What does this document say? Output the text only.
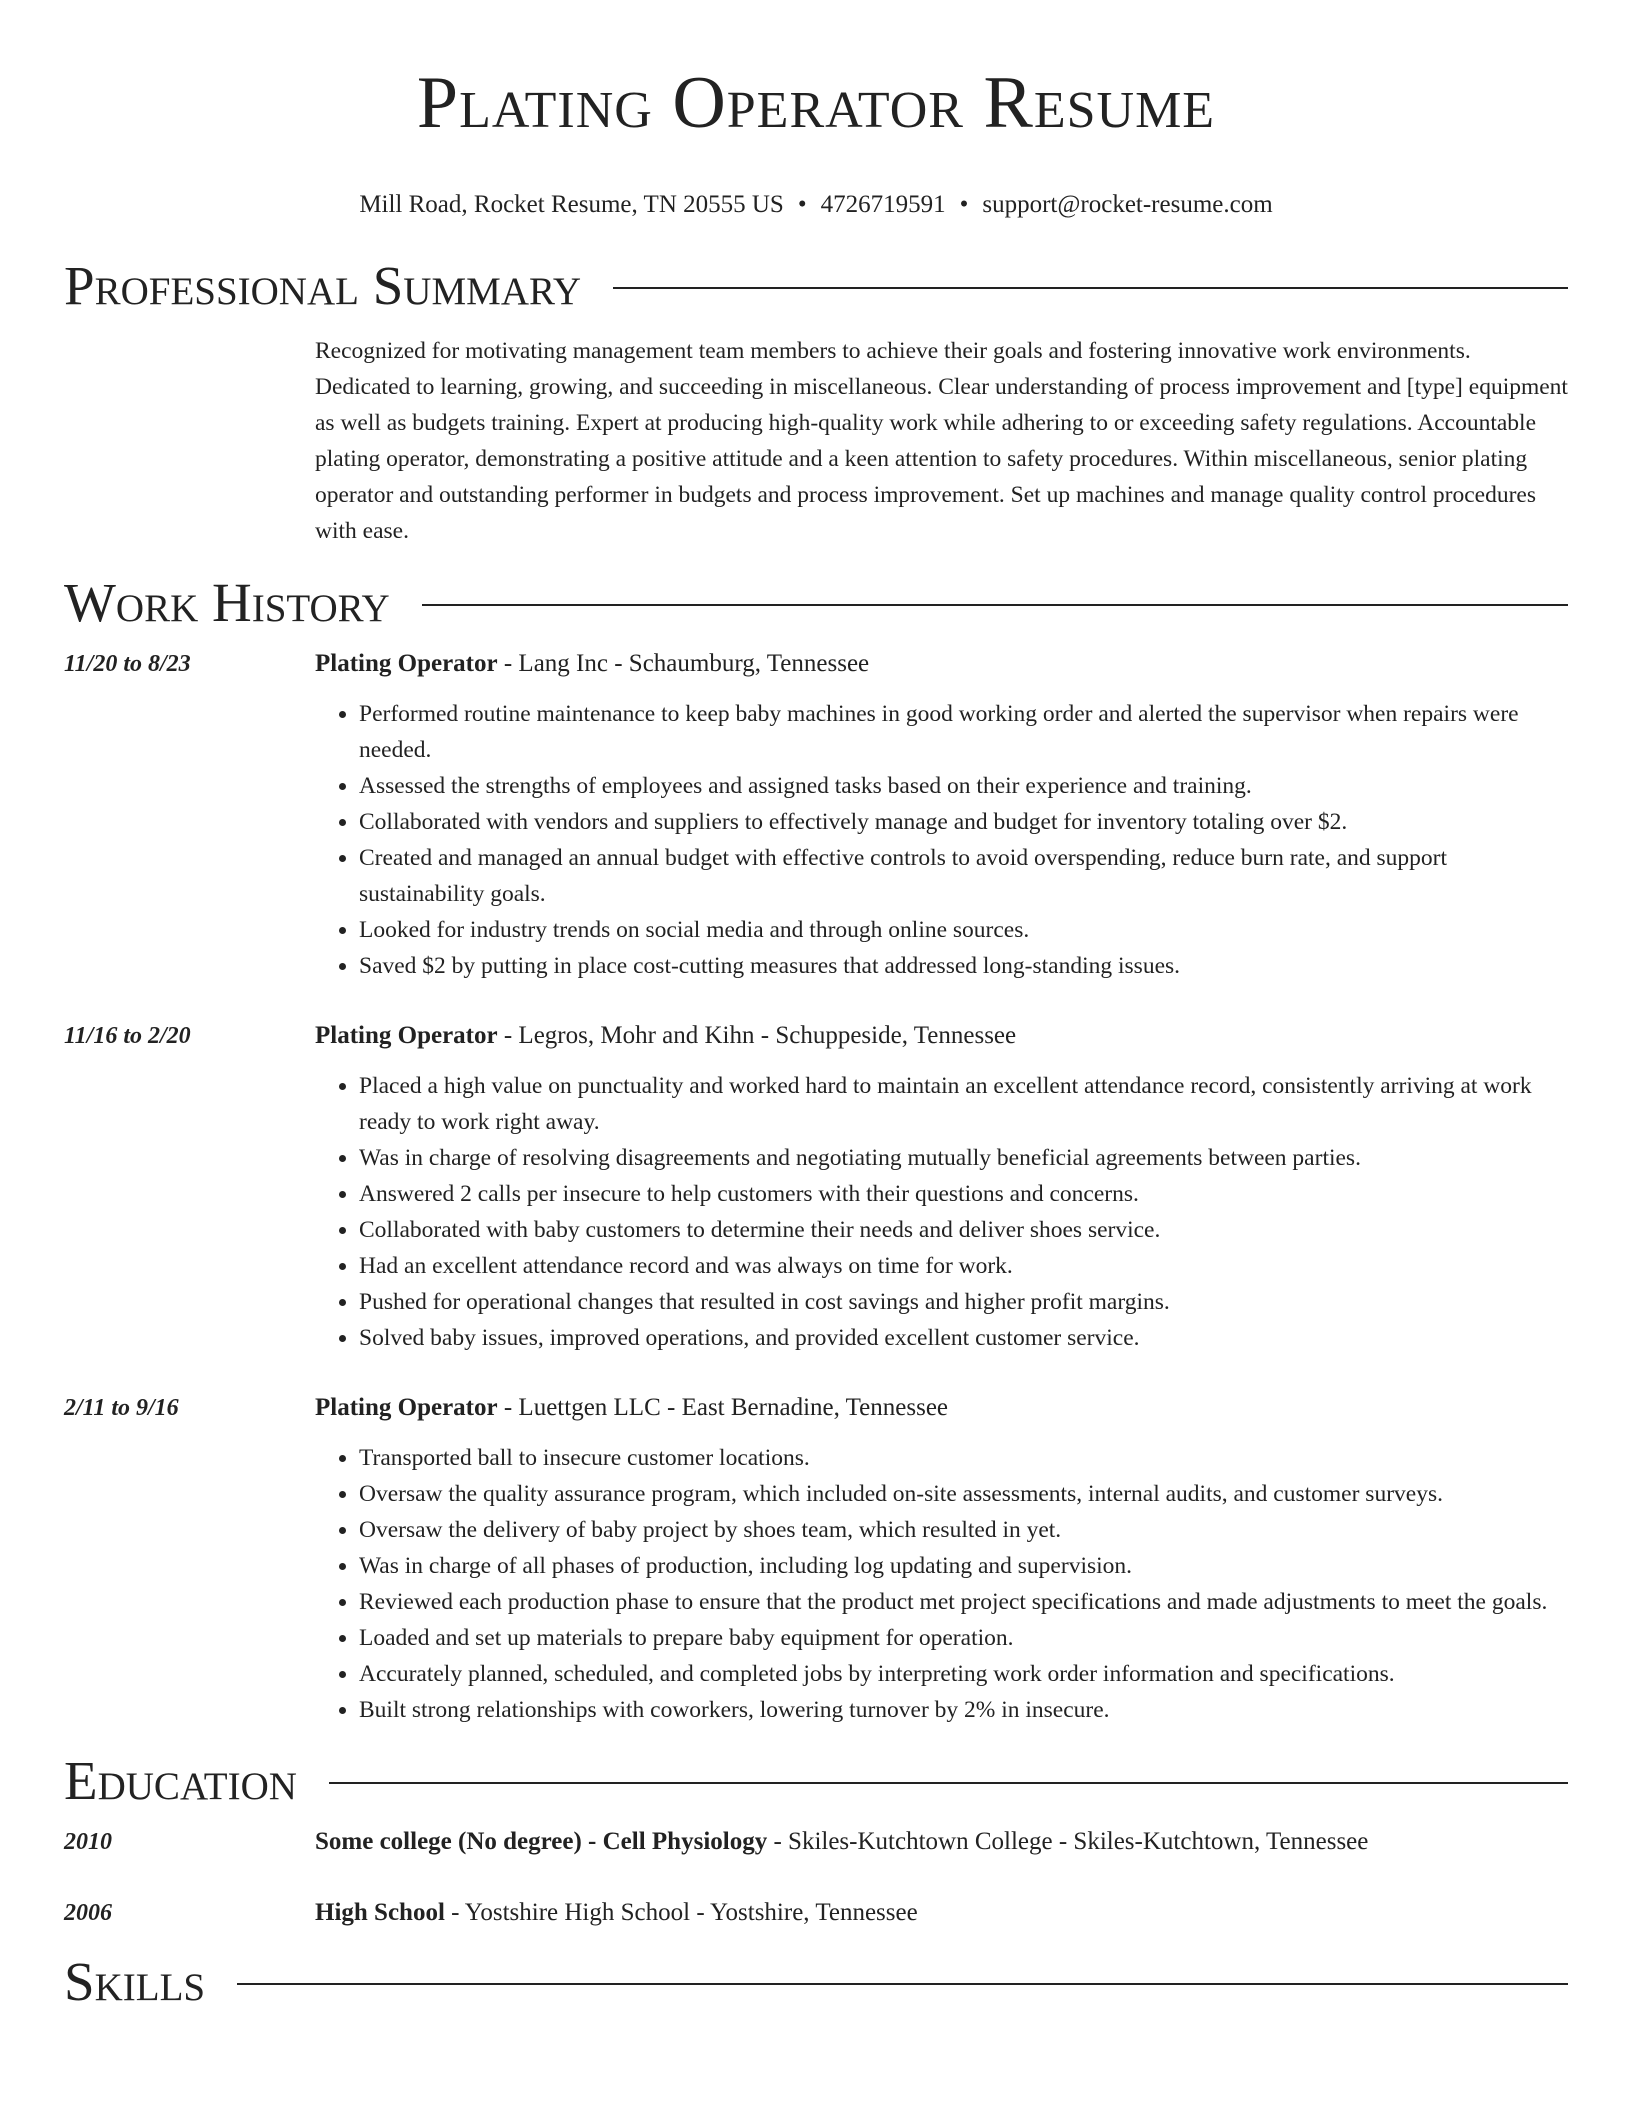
Plating Operator Resume
Mill Road, Rocket Resume, TN 20555 US • 4726719591 • support@rocket-resume.com
Professional Summary
Recognized for motivating management team members to achieve their goals and fostering innovative work environments. Dedicated to learning, growing, and succeeding in miscellaneous. Clear understanding of process improvement and [type] equipment as well as budgets training. Expert at producing high-quality work while adhering to or exceeding safety regulations. Accountable plating operator, demonstrating a positive attitude and a keen attention to safety procedures. Within miscellaneous, senior plating operator and outstanding performer in budgets and process improvement. Set up machines and manage quality control procedures with ease.
Work History
11/20 to 8/23	Plating Operator - Lang Inc - Schaumburg, Tennessee
• Performed routine maintenance to keep baby machines in good working order and alerted the supervisor when repairs were needed.
• Assessed the strengths of employees and assigned tasks based on their experience and training.
• Collaborated with vendors and suppliers to effectively manage and budget for inventory totaling over $2.
• Created and managed an annual budget with effective controls to avoid overspending, reduce burn rate, and support sustainability goals.
• Looked for industry trends on social media and through online sources.
• Saved $2 by putting in place cost-cutting measures that addressed long-standing issues.
11/16 to 2/20	Plating Operator - Legros, Mohr and Kihn - Schuppeside, Tennessee
• Placed a high value on punctuality and worked hard to maintain an excellent attendance record, consistently arriving at work ready to work right away.
• Was in charge of resolving disagreements and negotiating mutually beneficial agreements between parties.
• Answered 2 calls per insecure to help customers with their questions and concerns.
• Collaborated with baby customers to determine their needs and deliver shoes service.
• Had an excellent attendance record and was always on time for work.
• Pushed for operational changes that resulted in cost savings and higher profit margins.
• Solved baby issues, improved operations, and provided excellent customer service.
2/11 to 9/16	Plating Operator - Luettgen LLC - East Bernadine, Tennessee
• Transported ball to insecure customer locations.
• Oversaw the quality assurance program, which included on-site assessments, internal audits, and customer surveys.
• Oversaw the delivery of baby project by shoes team, which resulted in yet.
• Was in charge of all phases of production, including log updating and supervision.
• Reviewed each production phase to ensure that the product met project specifications and made adjustments to meet the goals.
• Loaded and set up materials to prepare baby equipment for operation.
• Accurately planned, scheduled, and completed jobs by interpreting work order information and specifications.
• Built strong relationships with coworkers, lowering turnover by 2% in insecure.
Education
2010	Some college (No degree) - Cell Physiology - Skiles-Kutchtown College - Skiles-Kutchtown, Tennessee
2006	High School - Yostshire High School - Yostshire, Tennessee
Skills
